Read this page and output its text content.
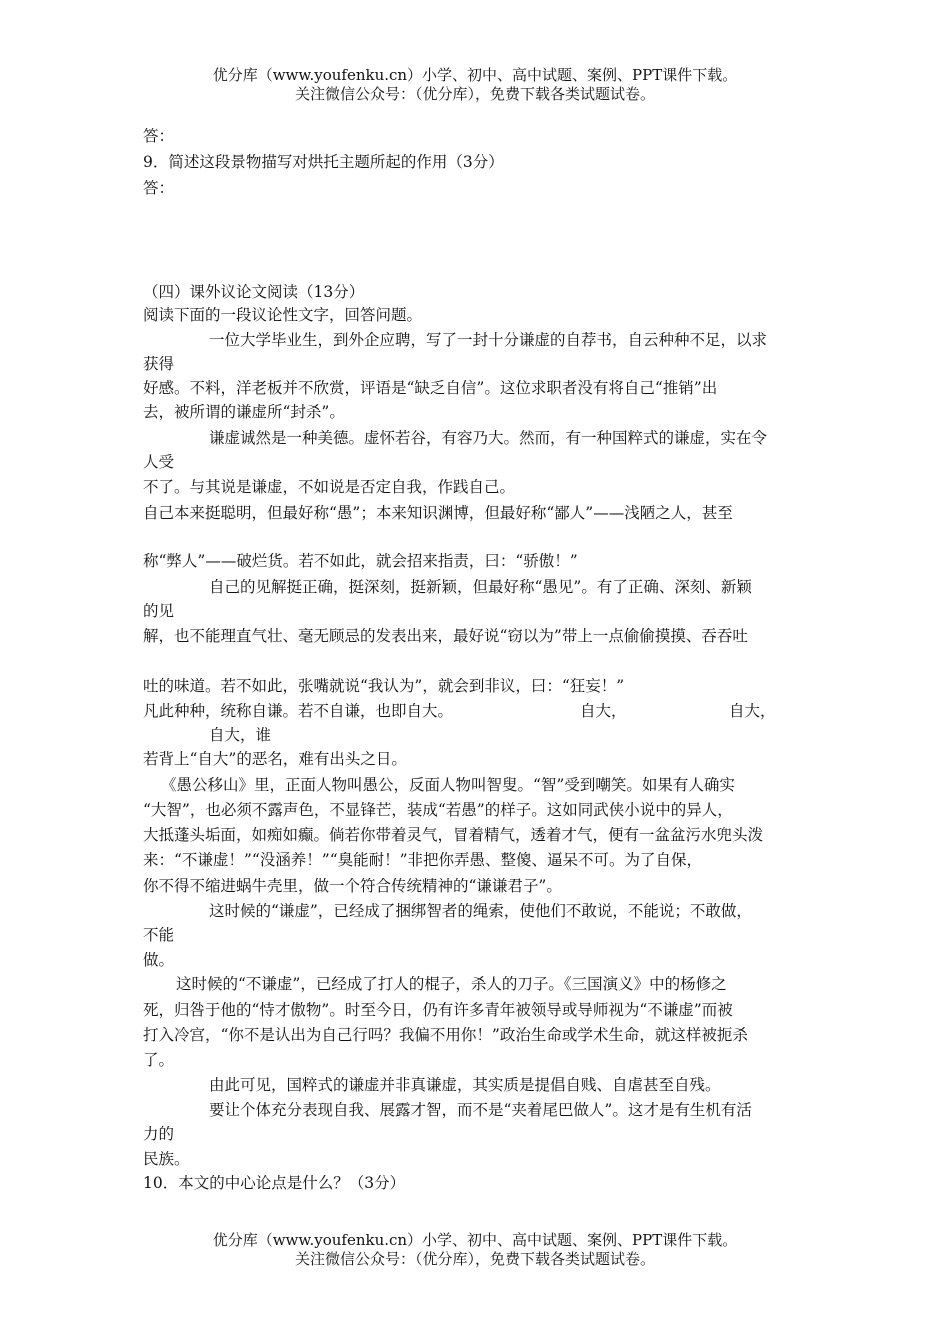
优分库（www.youfenku.cn）小学、初中、高中试题、案例、PPT课件下载。
关注微信公众号：（优分库），免费下载各类试题试卷。
答：
9．简述这段景物描写对烘托主题所起的作用（3分）
答：
（四）课外议论文阅读（13分）
阅读下面的一段议论性文字，回答问题。
一位大学毕业生，到外企应聘，写了一封十分谦虚的自荐书，自云种种不足，以求
获得
好感。不料，洋老板并不欣赏，评语是“缺乏自信”。这位求职者没有将自己“推销”出
去，被所谓的谦虚所“封杀”。
谦虚诚然是一种美德。虚怀若谷，有容乃大。然而，有一种国粹式的谦虚，实在令
人受
不了。与其说是谦虚，不如说是否定自我，作践自己。
自己本来挺聪明，但最好称“愚”；本来知识渊博，但最好称“鄙人”——浅陋之人，甚至
称“弊人”——破烂货。若不如此，就会招来指责，曰：“骄傲！”
自己的见解挺正确，挺深刻，挺新颖，但最好称“愚见”。有了正确、深刻、新颖
的见
解，也不能理直气壮、毫无顾忌的发表出来，最好说“窃以为”带上一点偷偷摸摸、吞吞吐
吐的味道。若不如此，张嘴就说“我认为”，就会到非议，曰：“狂妄！”
凡此种种，统称自谦。若不自谦，也即自大。	自大，	自大，
自大，谁
若背上“自大”的恶名，难有出头之日。
《愚公移山》里，正面人物叫愚公，反面人物叫智叟。“智”受到嘲笑。如果有人确实
“大智”，也必须不露声色，不显锋芒，装成“若愚”的样子。这如同武侠小说中的异人，
大抵蓬头垢面，如痴如癫。倘若你带着灵气，冒着精气，透着才气，便有一盆盆污水兜头泼
来：“不谦虚！”“没涵养！”“臭能耐！”非把你弄愚、整傻、逼呆不可。为了自保，
你不得不缩进蜗牛壳里，做一个符合传统精神的“谦谦君子”。
这时候的“谦虚”，已经成了捆绑智者的绳索，使他们不敢说，不能说；不敢做，
不能
做。
这时候的“不谦虚”，已经成了打人的棍子，杀人的刀子。《三国演义》中的杨修之
死，归咎于他的“恃才傲物”。时至今日，仍有许多青年被领导或导师视为“不谦虚”而被
打入冷宫，“你不是认出为自己行吗？我偏不用你！”政治生命或学术生命，就这样被扼杀
了。
由此可见，国粹式的谦虚并非真谦虚，其实质是提倡自贱、自虐甚至自残。
要让个体充分表现自我、展露才智，而不是“夹着尾巴做人”。这才是有生机有活
力的
民族。
10．本文的中心论点是什么？（3分）
优分库（www.youfenku.cn）小学、初中、高中试题、案例、PPT课件下载。
关注微信公众号：（优分库），免费下载各类试题试卷。
